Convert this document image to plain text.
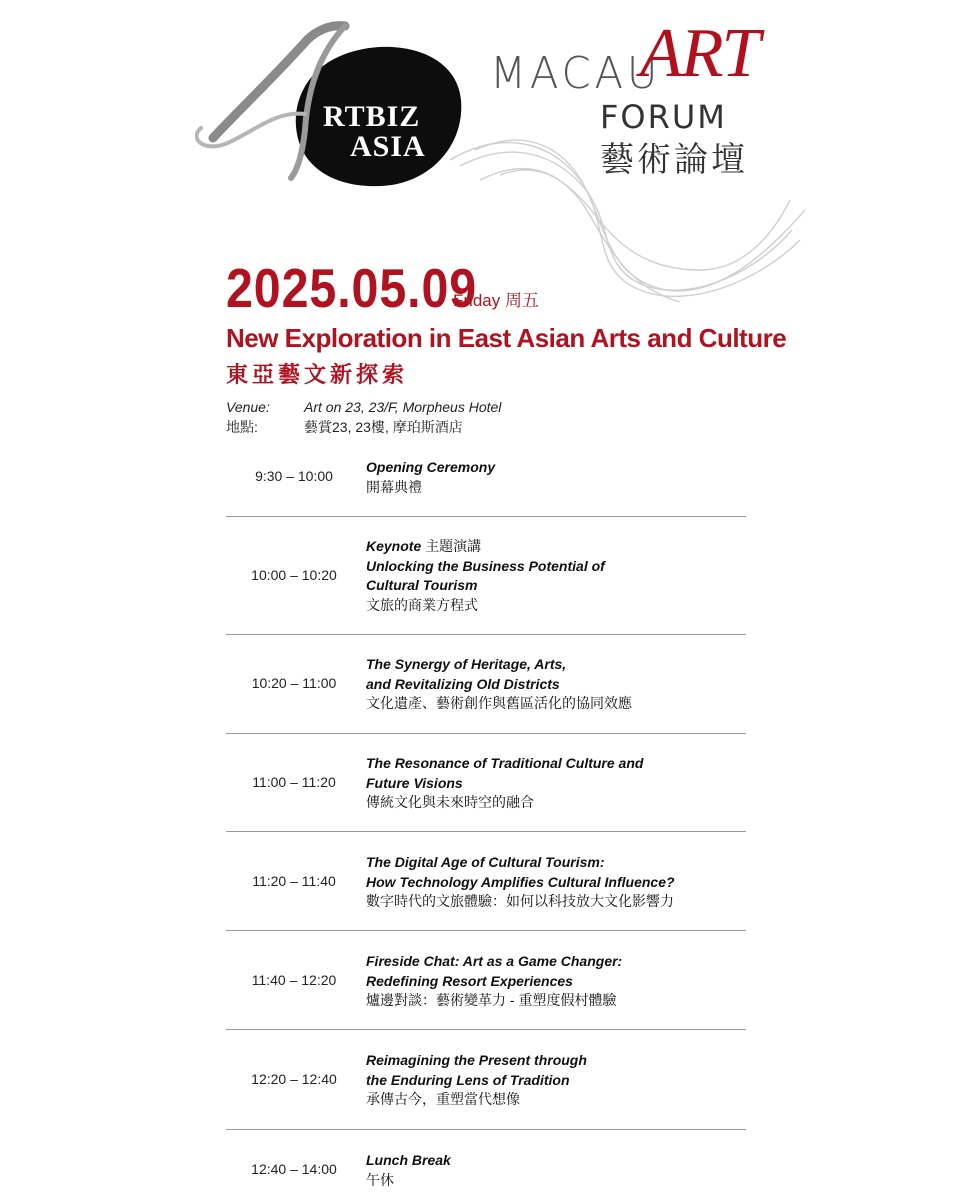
RTBIZ
ASIA
MACAU
ART
FORUM
藝術論壇
2025.05.09
Friday 周五
New Exploration in East Asian Arts and Culture
東亞藝文新探索
Venue:	Art on 23, 23/F, Morpheus Hotel
地點:	藝賞23, 23樓, 摩珀斯酒店
9:30 – 10:00
Opening Ceremony
開幕典禮
10:00 – 10:20
Keynote 主題演講
Unlocking the Business Potential of
Cultural Tourism
文旅的商業方程式
10:20 – 11:00
The Synergy of Heritage, Arts,
and Revitalizing Old Districts
文化遺產、藝術創作與舊區活化的協同效應
11:00 – 11:20
The Resonance of Traditional Culture and
Future Visions
傳統文化與未來時空的融合
11:20 – 11:40
The Digital Age of Cultural Tourism:
How Technology Amplifies Cultural Influence?
數字時代的文旅體驗：如何以科技放大文化影響力
11:40 – 12:20
Fireside Chat: Art as a Game Changer:
Redefining Resort Experiences
爐邊對談：藝術變革力 - 重塑度假村體驗
12:20 – 12:40
Reimagining the Present through
the Enduring Lens of Tradition
承傳古今，重塑當代想像
12:40 – 14:00
Lunch Break
午休
